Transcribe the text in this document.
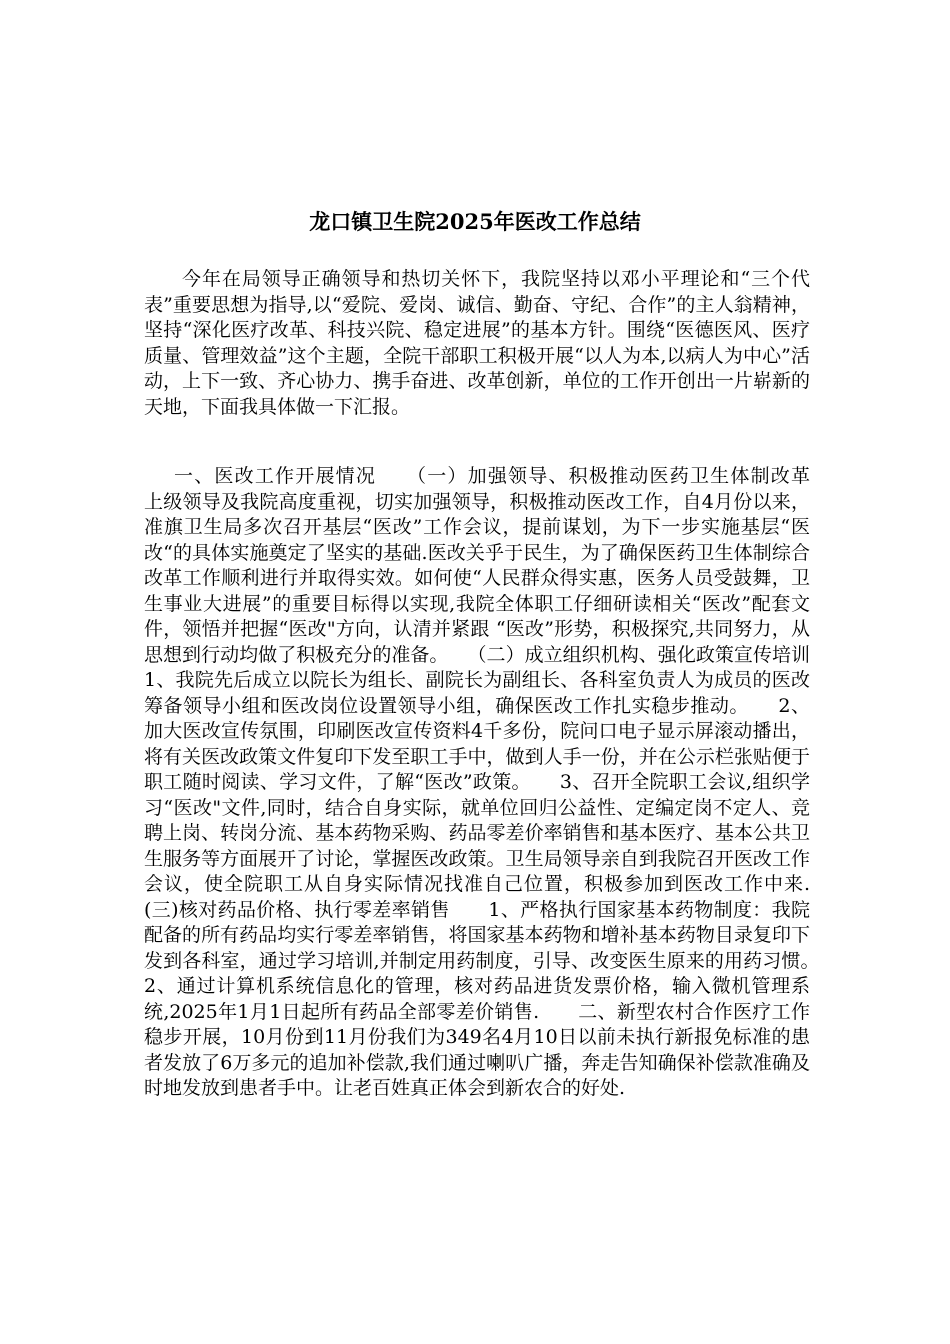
龙口镇卫生院2025年医改工作总结

今年在局领导正确领导和热切关怀下，我院坚持以邓小平理论和“三个代表”重要思想为指导,以“爱院、爱岗、诚信、勤奋、守纪、合作”的主人翁精神，坚持“深化医疗改革、科技兴院、稳定进展”的基本方针。围绕“医德医风、医疗质量、管理效益”这个主题，全院干部职工积极开展“以人为本,以病人为中心”活动，上下一致、齐心协力、携手奋进、改革创新，单位的工作开创出一片崭新的天地，下面我具体做一下汇报。

一、医改工作开展情况　　（一）加强领导、积极推动医药卫生体制改革　　上级领导及我院高度重视，切实加强领导，积极推动医改工作，自4月份以来，准旗卫生局多次召开基层“医改”工作会议，提前谋划，为下一步实施基层“医改“的具体实施奠定了坚实的基础.医改关乎于民生，为了确保医药卫生体制综合改革工作顺利进行并取得实效。如何使“人民群众得实惠，医务人员受鼓舞，卫生事业大进展”的重要目标得以实现,我院全体职工仔细研读相关“医改”配套文件，领悟并把握“医改"方向，认清并紧跟 “医改”形势，积极探究,共同努力，从思想到行动均做了积极充分的准备。　　（二）成立组织机构、强化政策宣传培训　　1、我院先后成立以院长为组长、副院长为副组长、各科室负责人为成员的医改筹备领导小组和医改岗位设置领导小组，确保医改工作扎实稳步推动。　　2、加大医改宣传氛围，印刷医改宣传资料4千多份，院问口电子显示屏滚动播出，将有关医改政策文件复印下发至职工手中，做到人手一份，并在公示栏张贴便于职工随时阅读、学习文件，了解“医改”政策。　　3、召开全院职工会议,组织学习“医改"文件,同时，结合自身实际，就单位回归公益性、定编定岗不定人、竞聘上岗、转岗分流、基本药物采购、药品零差价率销售和基本医疗、基本公共卫生服务等方面展开了讨论，掌握医改政策。卫生局领导亲自到我院召开医改工作会议，使全院职工从自身实际情况找准自己位置，积极参加到医改工作中来.　　(三)核对药品价格、执行零差率销售　　1、严格执行国家基本药物制度：我院配备的所有药品均实行零差率销售，将国家基本药物和增补基本药物目录复印下发到各科室，通过学习培训,并制定用药制度，引导、改变医生原来的用药习惯。　　2、通过计算机系统信息化的管理，核对药品进货发票价格，输入微机管理系统,2025年1月1日起所有药品全部零差价销售.　　二、新型农村合作医疗工作稳步开展，10月份到11月份我们为349名4月10日以前未执行新报免标准的患者发放了6万多元的追加补偿款,我们通过喇叭广播，奔走告知确保补偿款准确及时地发放到患者手中。让老百姓真正体会到新农合的好处.
